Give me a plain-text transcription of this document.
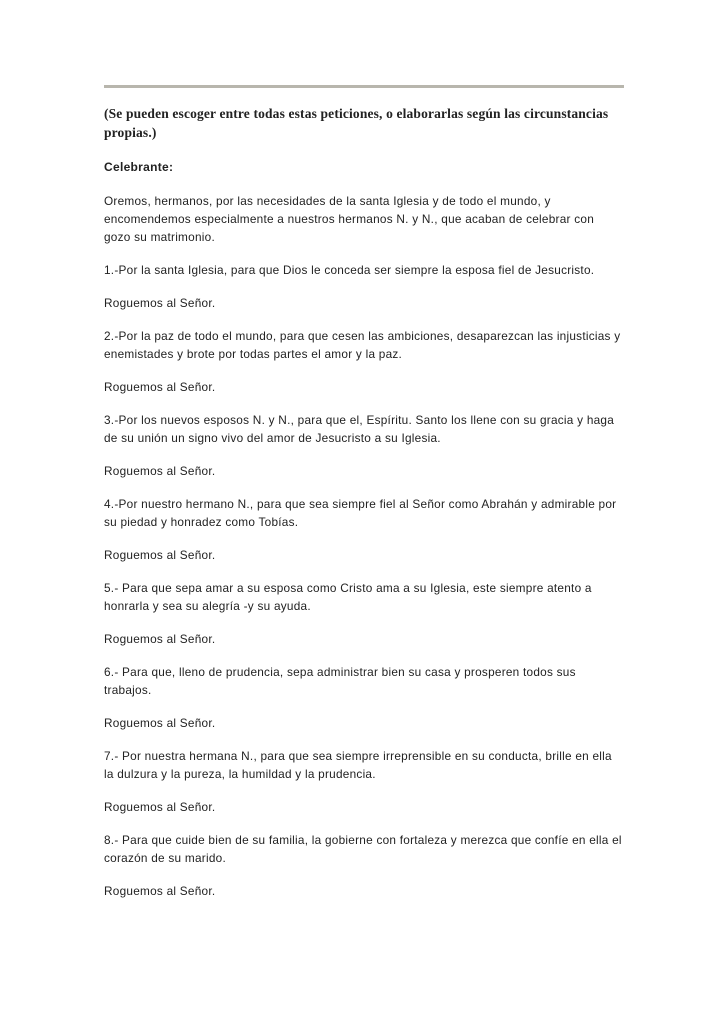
(Se pueden escoger entre todas estas peticiones, o elaborarlas según las circunstancias propias.)

Celebrante:

Oremos, hermanos, por las necesidades de la santa Iglesia y de todo el mundo, y encomendemos especialmente a nuestros hermanos N. y N., que acaban de celebrar con gozo su matrimonio.

1.-Por la santa Iglesia, para que Dios le conceda ser siempre la esposa fiel de Jesucristo.

Roguemos al Señor.

2.-Por la paz de todo el mundo, para que cesen las ambiciones, desaparezcan las injusticias y enemistades y brote por todas partes el amor y la paz.

Roguemos al Señor.

3.-Por los nuevos esposos N. y N., para que el, Espíritu. Santo los llene con su gracia y haga de su unión un signo vivo del amor de Jesucristo a su Iglesia.

Roguemos al Señor.

4.-Por nuestro hermano N., para que sea siempre fiel al Señor como Abrahán y admirable por su piedad y honradez como Tobías.

Roguemos al Señor.

5.- Para que sepa amar a su esposa como Cristo ama a su Iglesia, este siempre atento a honrarla y sea su alegría -y su ayuda.

Roguemos al Señor.

6.- Para que, lleno de prudencia, sepa administrar bien su casa y prosperen todos sus trabajos.

Roguemos al Señor.

7.- Por nuestra hermana N., para que sea siempre irreprensible en su conducta, brille en ella la dulzura y la pureza, la humildad y la prudencia.

Roguemos al Señor.

8.- Para que cuide bien de su familia, la gobierne con fortaleza y merezca que confíe en ella el corazón de su marido.

Roguemos al Señor.
